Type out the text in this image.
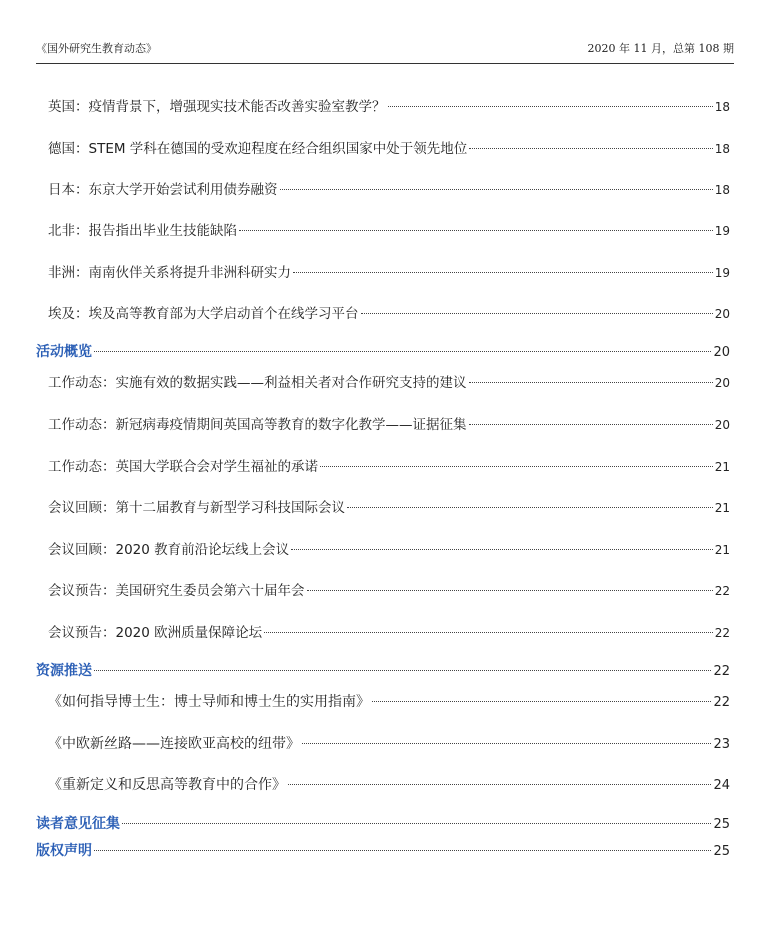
《国外研究生教育动态》	2020 年 11 月，总第 108 期
英国：疫情背景下，增强现实技术能否改善实验室教学？	18
德国：STEM 学科在德国的受欢迎程度在经合组织国家中处于领先地位	18
日本：东京大学开始尝试利用债券融资	18
北非：报告指出毕业生技能缺陷	19
非洲：南南伙伴关系将提升非洲科研实力	19
埃及：埃及高等教育部为大学启动首个在线学习平台	20
活动概览	20
工作动态：实施有效的数据实践——利益相关者对合作研究支持的建议	20
工作动态：新冠病毒疫情期间英国高等教育的数字化教学——证据征集	20
工作动态：英国大学联合会对学生福祉的承诺	21
会议回顾：第十二届教育与新型学习科技国际会议	21
会议回顾：2020 教育前沿论坛线上会议	21
会议预告：美国研究生委员会第六十届年会	22
会议预告：2020 欧洲质量保障论坛	22
资源推送	22
《如何指导博士生：博士导师和博士生的实用指南》	22
《中欧新丝路——连接欧亚高校的纽带》	23
《重新定义和反思高等教育中的合作》	24
读者意见征集	25
版权声明	25
